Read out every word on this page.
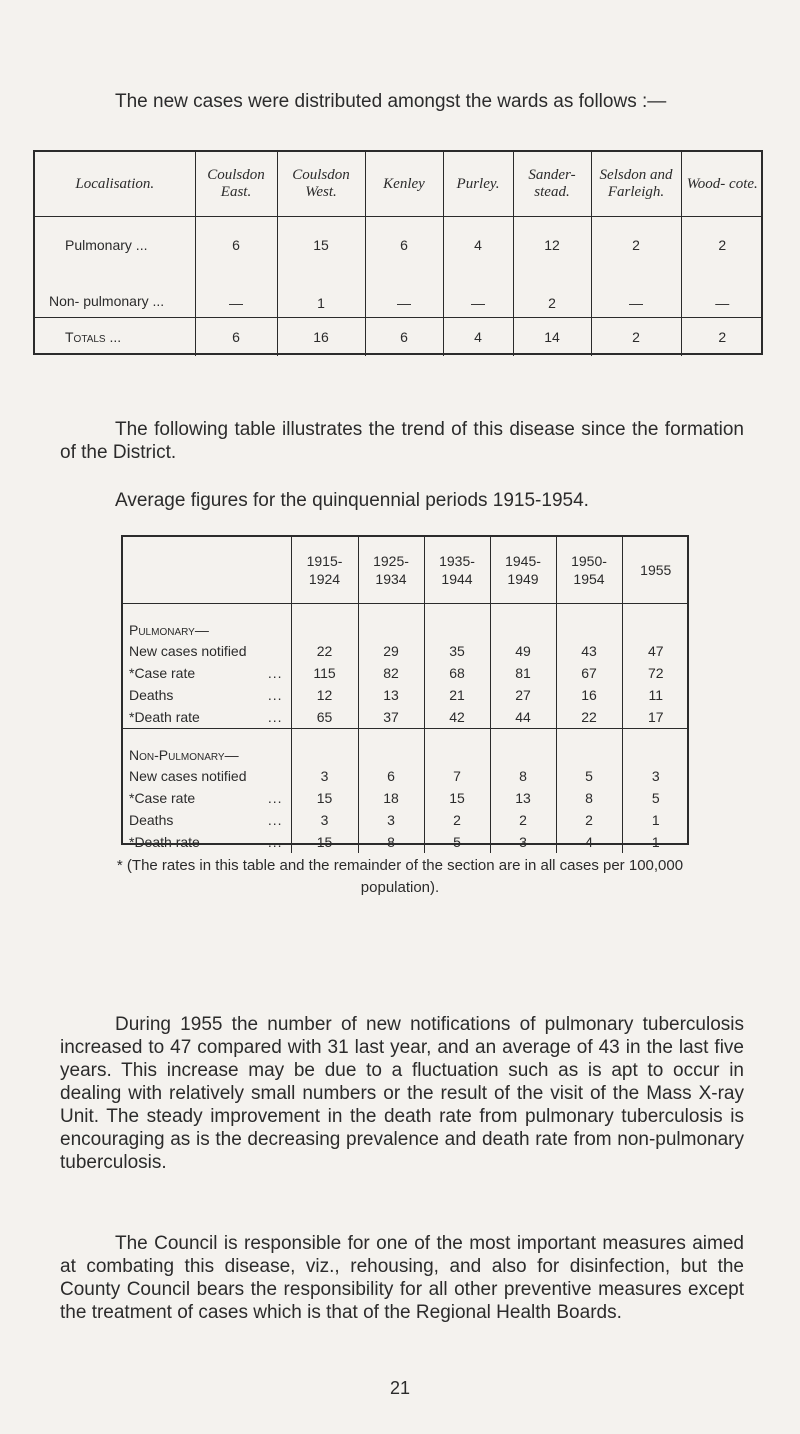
The new cases were distributed amongst the wards as follows :—

Localisation.	Coulsdon East.	Coulsdon West.	Kenley	Purley.	Sander- stead.	Selsdon and Farleigh.	Wood- cote.
Pulmonary ...	6	15	6	4	12	2	2
Non- pulmonary ...	—	1	—	—	2	—	—
Totals ...	6	16	6	4	14	2	2

The following table illustrates the trend of this disease since the formation of the District.

Average figures for the quinquennial periods 1915-1954.

	1915- 1924	1925- 1934	1935- 1944	1945- 1949	1950- 1954	1955
Pulmonary—						
New cases notified	22	29	35	49	43	47
*Case rate ...	115	82	68	81	67	72
Deaths ...	12	13	21	27	16	11
*Death rate ...	65	37	42	44	22	17
Non-Pulmonary—						
New cases notified	3	6	7	8	5	3
*Case rate ...	15	18	15	13	8	5
Deaths ...	3	3	2	2	2	1
*Death rate ...	15	8	5	3	4	1

* (The rates in this table and the remainder of the section are in all cases per 100,000 population).

During 1955 the number of new notifications of pulmonary tuberculosis increased to 47 compared with 31 last year, and an average of 43 in the last five years. This increase may be due to a fluctuation such as is apt to occur in dealing with relatively small numbers or the result of the visit of the Mass X-ray Unit. The steady improvement in the death rate from pulmonary tuberculosis is encouraging as is the decreasing prevalence and death rate from non-pulmonary tuberculosis.

The Council is responsible for one of the most important measures aimed at combating this disease, viz., rehousing, and also for disinfection, but the County Council bears the responsibility for all other preventive measures except the treatment of cases which is that of the Regional Health Boards.

21
